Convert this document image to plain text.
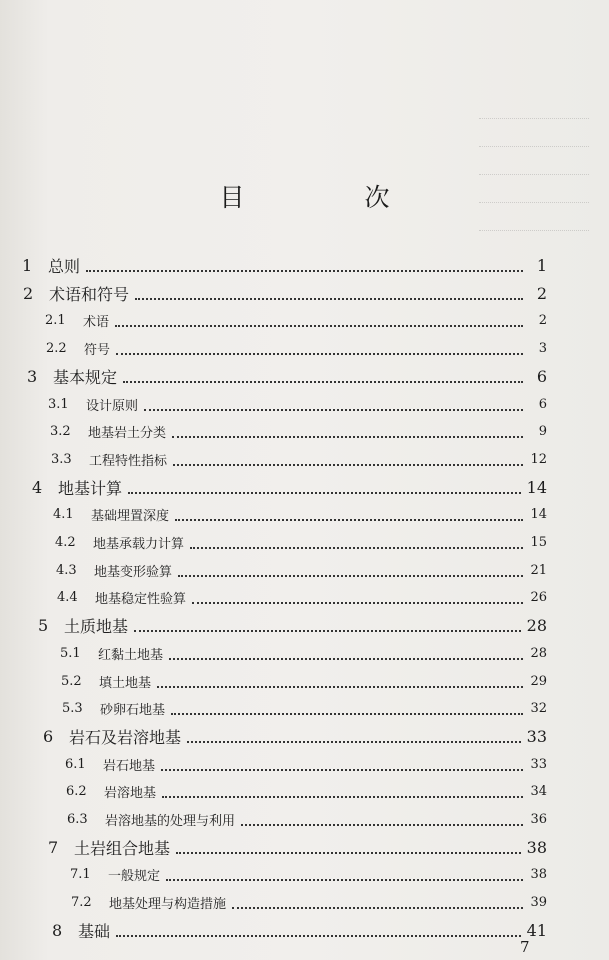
目 次
1 总则	1
2 术语和符号	2
2.1	术语	2
2.2	符号	3
3 基本规定	6
3.1	设计原则	6
3.2	地基岩土分类	9
3.3	工程特性指标	12
4 地基计算	14
4.1	基础埋置深度	14
4.2	地基承载力计算	15
4.3	地基变形验算	21
4.4	地基稳定性验算	26
5 土质地基	28
5.1	红黏土地基	28
5.2	填土地基	29
5.3	砂卵石地基	32
6 岩石及岩溶地基	33
6.1	岩石地基	33
6.2	岩溶地基	34
6.3	岩溶地基的处理与利用	36
7 土岩组合地基	38
7.1	一般规定	38
7.2	地基处理与构造措施	39
8 基础	41
7
